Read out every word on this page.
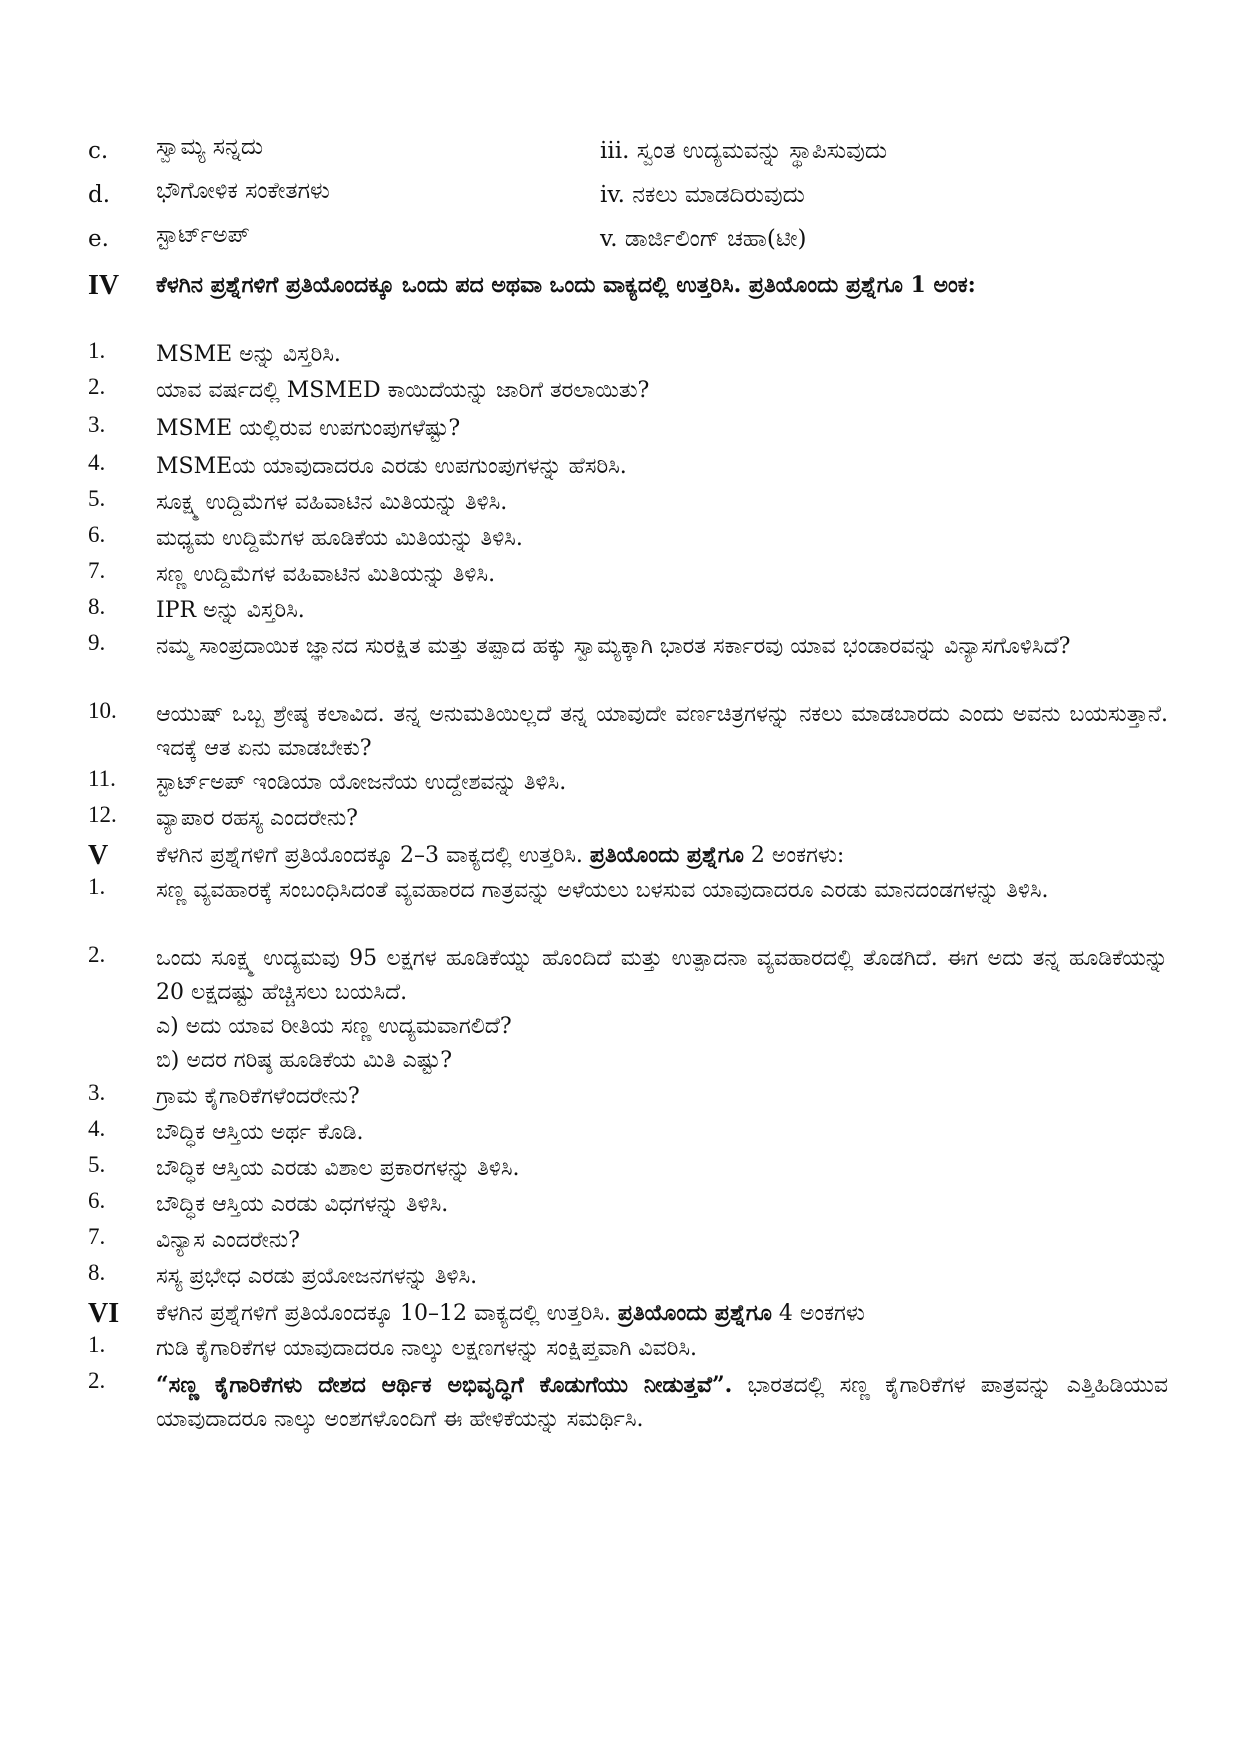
c. ಸ್ವಾಮ್ಯ ಸನ್ನದು	iii. ಸ್ವಂತ ಉದ್ಯಮವನ್ನು ಸ್ಥಾಪಿಸುವುದು
d. ಭೌಗೋಳಿಕ ಸಂಕೇತಗಳು	iv. ನಕಲು ಮಾಡದಿರುವುದು
e. ಸ್ಟಾರ್ಟ್‌ಅಪ್	v. ಡಾರ್ಜಿಲಿಂಗ್ ಚಹಾ(ಟೀ)
IV ಕೆಳಗಿನ ಪ್ರಶ್ನೆಗಳಿಗೆ ಪ್ರತಿಯೊಂದಕ್ಕೂ ಒಂದು ಪದ ಅಥವಾ ಒಂದು ವಾಕ್ಯದಲ್ಲಿ ಉತ್ತರಿಸಿ. ಪ್ರತಿಯೊಂದು ಪ್ರಶ್ನೆಗೂ 1 ಅಂಕ:
1. MSME ಅನ್ನು ವಿಸ್ತರಿಸಿ.
2. ಯಾವ ವರ್ಷದಲ್ಲಿ MSMED ಕಾಯಿದೆಯನ್ನು ಜಾರಿಗೆ ತರಲಾಯಿತು?
3. MSME ಯಲ್ಲಿರುವ ಉಪಗುಂಪುಗಳೆಷ್ಟು?
4. MSMEಯ ಯಾವುದಾದರೂ ಎರಡು ಉಪಗುಂಪುಗಳನ್ನು ಹೆಸರಿಸಿ.
5. ಸೂಕ್ಷ್ಮ ಉದ್ದಿಮೆಗಳ ವಹಿವಾಟಿನ ಮಿತಿಯನ್ನು ತಿಳಿಸಿ.
6. ಮಧ್ಯಮ ಉದ್ದಿಮೆಗಳ ಹೂಡಿಕೆಯ ಮಿತಿಯನ್ನು ತಿಳಿಸಿ.
7. ಸಣ್ಣ ಉದ್ದಿಮೆಗಳ ವಹಿವಾಟಿನ ಮಿತಿಯನ್ನು ತಿಳಿಸಿ.
8. IPR ಅನ್ನು ವಿಸ್ತರಿಸಿ.
9. ನಮ್ಮ ಸಾಂಪ್ರದಾಯಿಕ ಜ್ಞಾನದ ಸುರಕ್ಷಿತ ಮತ್ತು ತಪ್ಪಾದ ಹಕ್ಕು ಸ್ವಾಮ್ಯಕ್ಕಾಗಿ ಭಾರತ ಸರ್ಕಾರವು ಯಾವ ಭಂಡಾರವನ್ನು ವಿನ್ಯಾಸಗೊಳಿಸಿದೆ?
10. ಆಯುಷ್ ಒಬ್ಬ ಶ್ರೇಷ್ಠ ಕಲಾವಿದ. ತನ್ನ ಅನುಮತಿಯಿಲ್ಲದೆ ತನ್ನ ಯಾವುದೇ ವರ್ಣಚಿತ್ರಗಳನ್ನು ನಕಲು ಮಾಡಬಾರದು ಎಂದು ಅವನು ಬಯಸುತ್ತಾನೆ. ಇದಕ್ಕೆ ಆತ ಏನು ಮಾಡಬೇಕು?
11. ಸ್ಟಾರ್ಟ್‌ಅಪ್ ಇಂಡಿಯಾ ಯೋಜನೆಯ ಉದ್ದೇಶವನ್ನು ತಿಳಿಸಿ.
12. ವ್ಯಾಪಾರ ರಹಸ್ಯ ಎಂದರೇನು?
V ಕೆಳಗಿನ ಪ್ರಶ್ನೆಗಳಿಗೆ ಪ್ರತಿಯೊಂದಕ್ಕೂ 2–3 ವಾಕ್ಯದಲ್ಲಿ ಉತ್ತರಿಸಿ. ಪ್ರತಿಯೊಂದು ಪ್ರಶ್ನೆಗೂ 2 ಅಂಕಗಳು:
1. ಸಣ್ಣ ವ್ಯವಹಾರಕ್ಕೆ ಸಂಬಂಧಿಸಿದಂತೆ ವ್ಯವಹಾರದ ಗಾತ್ರವನ್ನು ಅಳೆಯಲು ಬಳಸುವ ಯಾವುದಾದರೂ ಎರಡು ಮಾನದಂಡಗಳನ್ನು ತಿಳಿಸಿ.
2. ಒಂದು ಸೂಕ್ಷ್ಮ ಉದ್ಯಮವು 95 ಲಕ್ಷಗಳ ಹೂಡಿಕೆಯ್ನು ಹೊಂದಿದೆ ಮತ್ತು ಉತ್ಪಾದನಾ ವ್ಯವಹಾರದಲ್ಲಿ ತೊಡಗಿದೆ. ಈಗ ಅದು ತನ್ನ ಹೂಡಿಕೆಯನ್ನು 20 ಲಕ್ಷದಷ್ಟು ಹೆಚ್ಚಿಸಲು ಬಯಸಿದೆ.
ಎ) ಅದು ಯಾವ ರೀತಿಯ ಸಣ್ಣ ಉದ್ಯಮವಾಗಲಿದೆ?
ಬಿ) ಅದರ ಗರಿಷ್ಠ ಹೂಡಿಕೆಯ ಮಿತಿ ಎಷ್ಟು?
3. ಗ್ರಾಮ ಕೈಗಾರಿಕೆಗಳೆಂದರೇನು?
4. ಬೌದ್ಧಿಕ ಆಸ್ತಿಯ ಅರ್ಥ ಕೊಡಿ.
5. ಬೌದ್ಧಿಕ ಆಸ್ತಿಯ ಎರಡು ವಿಶಾಲ ಪ್ರಕಾರಗಳನ್ನು ತಿಳಿಸಿ.
6. ಬೌದ್ಧಿಕ ಆಸ್ತಿಯ ಎರಡು ವಿಧಗಳನ್ನು ತಿಳಿಸಿ.
7. ವಿನ್ಯಾಸ ಎಂದರೇನು?
8. ಸಸ್ಯ ಪ್ರಭೇಧ ಎರಡು ಪ್ರಯೋಜನಗಳನ್ನು ತಿಳಿಸಿ.
VI ಕೆಳಗಿನ ಪ್ರಶ್ನೆಗಳಿಗೆ ಪ್ರತಿಯೊಂದಕ್ಕೂ 10–12 ವಾಕ್ಯದಲ್ಲಿ ಉತ್ತರಿಸಿ. ಪ್ರತಿಯೊಂದು ಪ್ರಶ್ನೆಗೂ 4 ಅಂಕಗಳು
1. ಗುಡಿ ಕೈಗಾರಿಕೆಗಳ ಯಾವುದಾದರೂ ನಾಲ್ಕು ಲಕ್ಷಣಗಳನ್ನು ಸಂಕ್ಷಿಪ್ತವಾಗಿ ವಿವರಿಸಿ.
2. “ಸಣ್ಣ ಕೈಗಾರಿಕೆಗಳು ದೇಶದ ಆರ್ಥಿಕ ಅಭಿವೃದ್ಧಿಗೆ ಕೊಡುಗೆಯು ನೀಡುತ್ತವೆ”. ಭಾರತದಲ್ಲಿ ಸಣ್ಣ ಕೈಗಾರಿಕೆಗಳ ಪಾತ್ರವನ್ನು ಎತ್ತಿಹಿಡಿಯುವ ಯಾವುದಾದರೂ ನಾಲ್ಕು ಅಂಶಗಳೊಂದಿಗೆ ಈ ಹೇಳಿಕೆಯನ್ನು ಸಮರ್ಥಿಸಿ.
